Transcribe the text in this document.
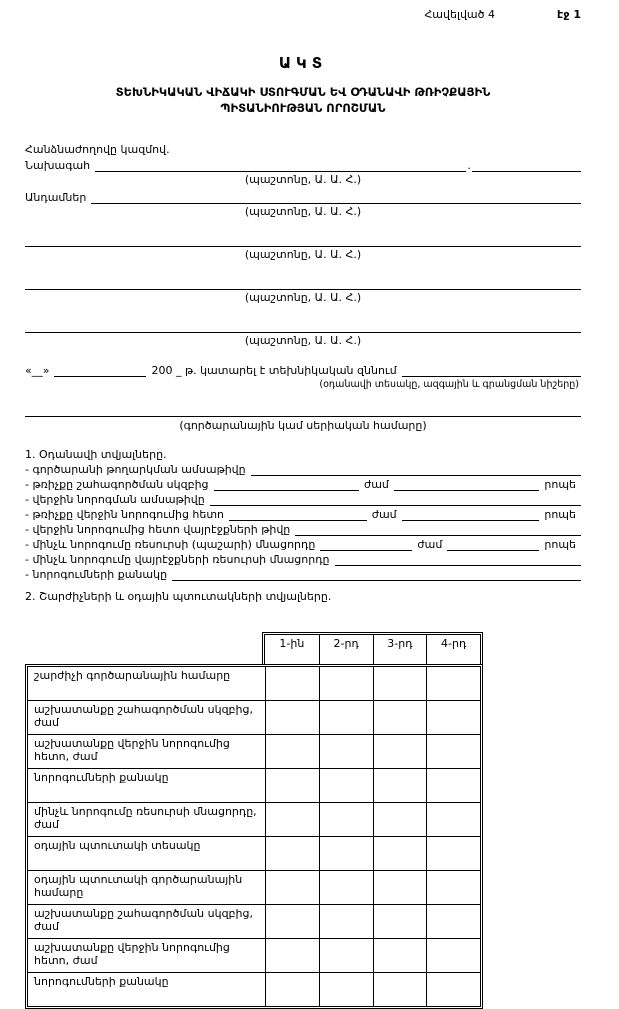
Հավելված 4	էջ 1
ԱԿՏ
ՏԵԽՆԻԿԱԿԱՆ ՎԻՃԱԿԻ ՍՏՈՒԳՄԱՆ ԵՎ ՕԴԱՆԱՎԻ ԹՌԻՉՔԱՅԻՆ
ՊԻՏԱՆԻՈՒԹՅԱՆ ՈՐՈՇՄԱՆ
Հանձնաժողովը կազմով.
Նախագահ	.
(պաշտոնը, Ա. Ա. Հ.)
Անդամներ
(պաշտոնը, Ա. Ա. Հ.)
(պաշտոնը, Ա. Ա. Հ.)
(պաշտոնը, Ա. Ա. Հ.)
(պաշտոնը, Ա. Ա. Հ.)
«__»	200 _ թ. կատարել է տեխնիկական զննում
(օդանավի տեսակը, ազգային և գրանցման նիշերը)
(գործարանային կամ սերիական համարը)
1. Օդանավի տվյալները.
- գործարանի թողարկման ամսաթիվը
- թռիչքը շահագործման սկզբից	ժամ	րոպե
- վերջին նորոգման ամսաթիվը
- թռիչքը վերջին նորոգումից հետո	ժամ	րոպե
- վերջին նորոգումից հետո վայրէջքների թիվը
- մինչև նորոգումը ռեսուրսի (պաշարի) մնացորդը	ժամ	րոպե
- մինչև նորոգումը վայրէջքների ռեսուրսի մնացորդը
- նորոգումների քանակը
2. Շարժիչների և օդային պտուտակների տվյալները.
1-ին	2-րդ	3-րդ	4-րդ
շարժիչի գործարանային համարը
աշխատանքը շահագործման սկզբից, ժամ
աշխատանքը վերջին նորոգումից հետո, ժամ
նորոգումների քանակը
մինչև նորոգումը ռեսուրսի մնացորդը, ժամ
օդային պտուտակի տեսակը
օդային պտուտակի գործարանային համարը
աշխատանքը շահագործման սկզբից, ժամ
աշխատանքը վերջին նորոգումից հետո, ժամ
նորոգումների քանակը
